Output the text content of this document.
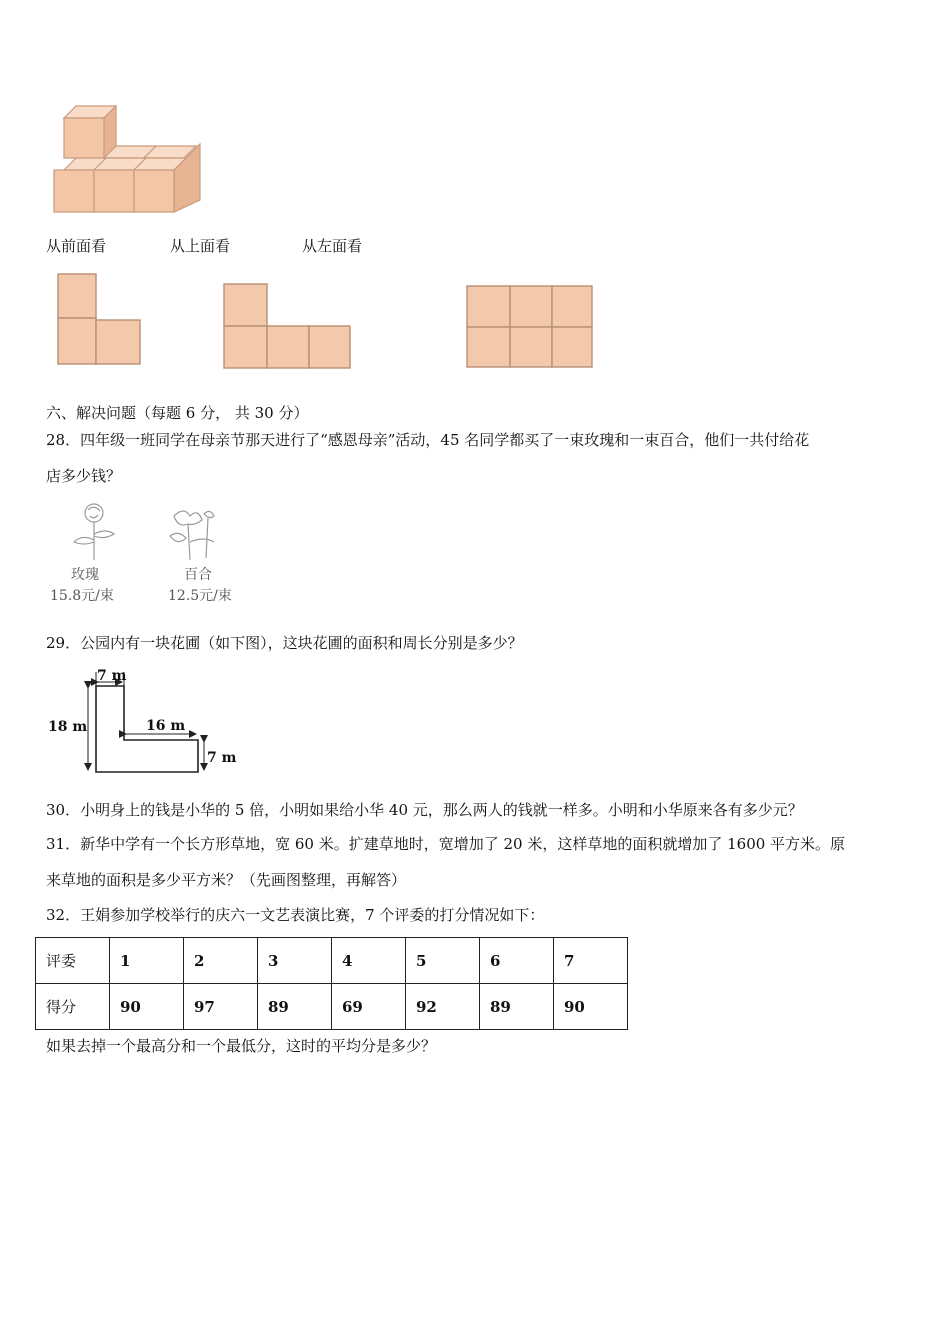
从前面看	从上面看	从左面看
六、解决问题（每题 6 分， 共 30 分）
28．四年级一班同学在母亲节那天进行了“感恩母亲”活动，45 名同学都买了一束玫瑰和一束百合，他们一共付给花
店多少钱？
玫瑰
15.8元/束
百合
12.5元/束
29．公园内有一块花圃（如下图），这块花圃的面积和周长分别是多少？
7 m
18 m	16 m
7 m
30．小明身上的钱是小华的 5 倍，小明如果给小华 40 元，那么两人的钱就一样多。小明和小华原来各有多少元？
31．新华中学有一个长方形草地，宽 60 米。扩建草地时，宽增加了 20 米，这样草地的面积就增加了 1600 平方米。原
来草地的面积是多少平方米？（先画图整理，再解答）
32．王娟参加学校举行的庆六一文艺表演比赛，7 个评委的打分情况如下：
评委	1	2	3	4	5	6	7
得分	90	97	89	69	92	89	90
如果去掉一个最高分和一个最低分，这时的平均分是多少？
